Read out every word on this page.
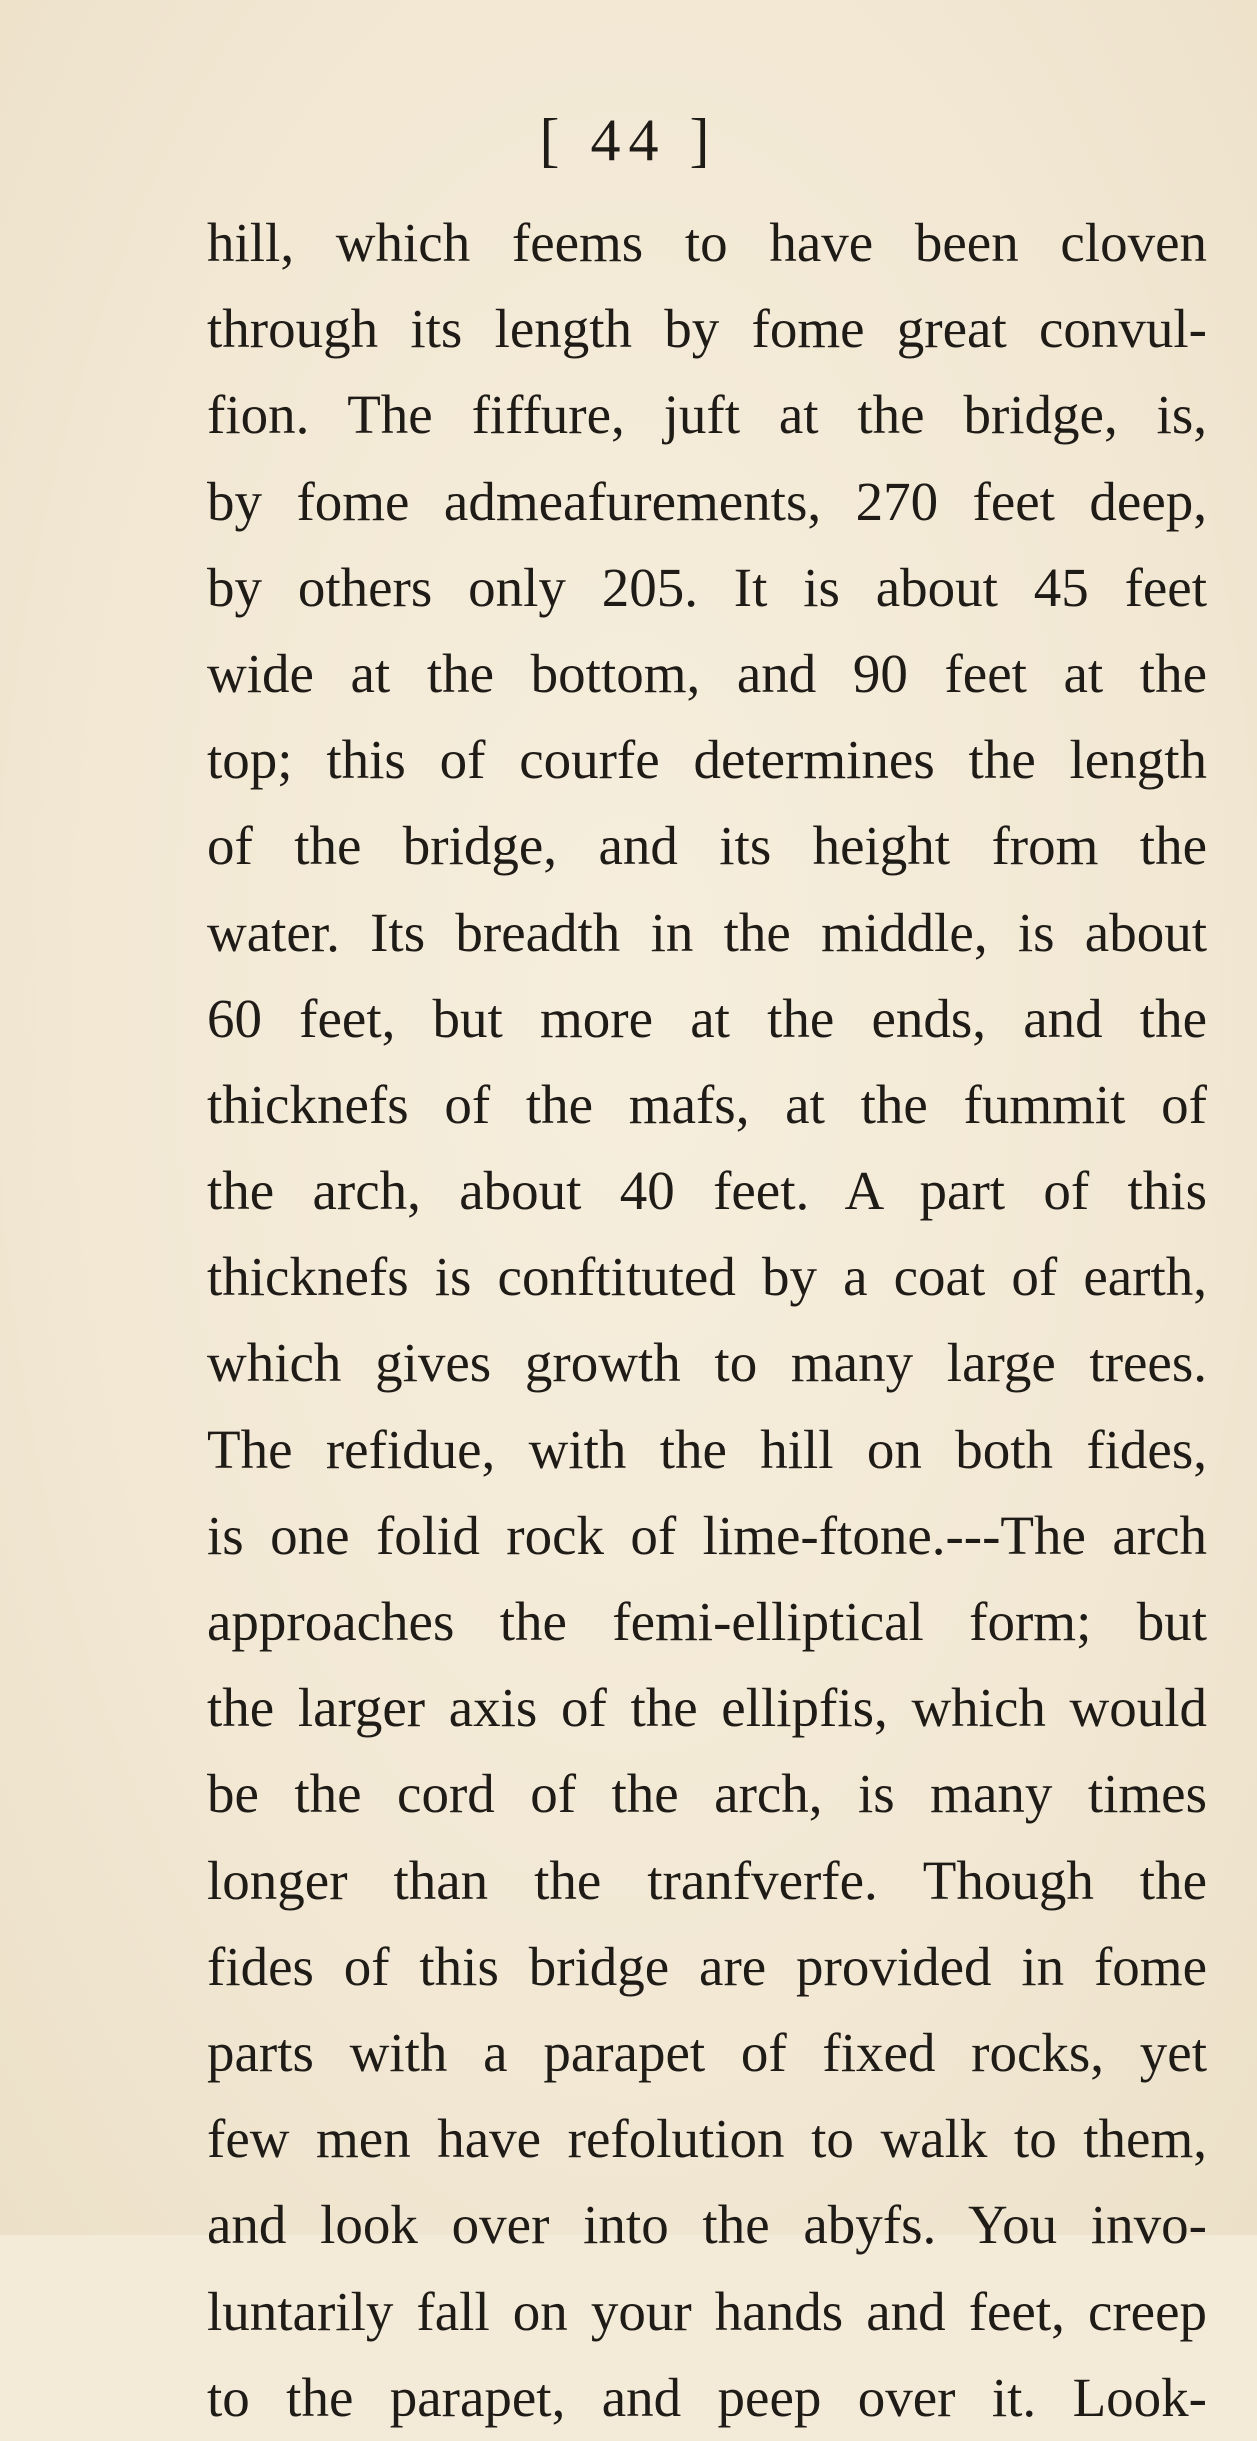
[ 44 ]
hill, which feems to have been cloven
through its length by fome great convul-
fion. The fiffure, juft at the bridge, is,
by fome admeafurements, 270 feet deep,
by others only 205. It is about 45 feet
wide at the bottom, and 90 feet at the
top; this of courfe determines the length
of the bridge, and its height from the
water. Its breadth in the middle, is about
60 feet, but more at the ends, and the
thicknefs of the mafs, at the fummit of
the arch, about 40 feet. A part of this
thicknefs is conftituted by a coat of earth,
which gives growth to many large trees.
The refidue, with the hill on both fides,
is one folid rock of lime-ftone.---The arch
approaches the femi-elliptical form; but
the larger axis of the ellipfis, which would
be the cord of the arch, is many times
longer than the tranfverfe. Though the
fides of this bridge are provided in fome
parts with a parapet of fixed rocks, yet
few men have refolution to walk to them,
and look over into the abyfs. You invo-
luntarily fall on your hands and feet, creep
to the parapet, and peep over it. Look-
